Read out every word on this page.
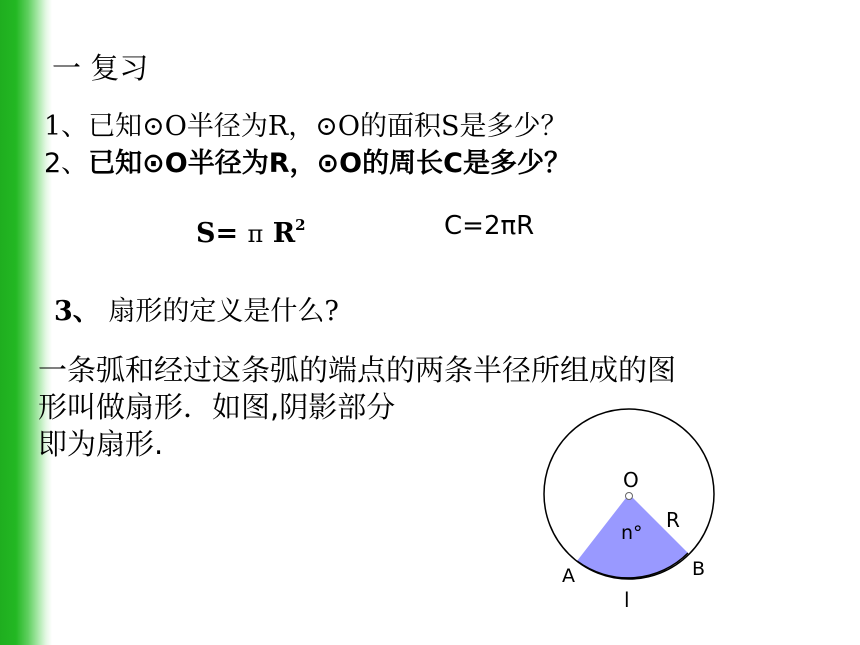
一 复习
1、已知⊙O半径为R，⊙O的面积S是多少？
2、已知⊙O半径为R，⊙O的周长C是多少？
S= π $R^2$	C=2πR
3、 扇形的定义是什么?
一条弧和经过这条弧的端点的两条半径所组成的图
形叫做扇形．如图,阴影部分
即为扇形.
O
R
n°
A	B
l
